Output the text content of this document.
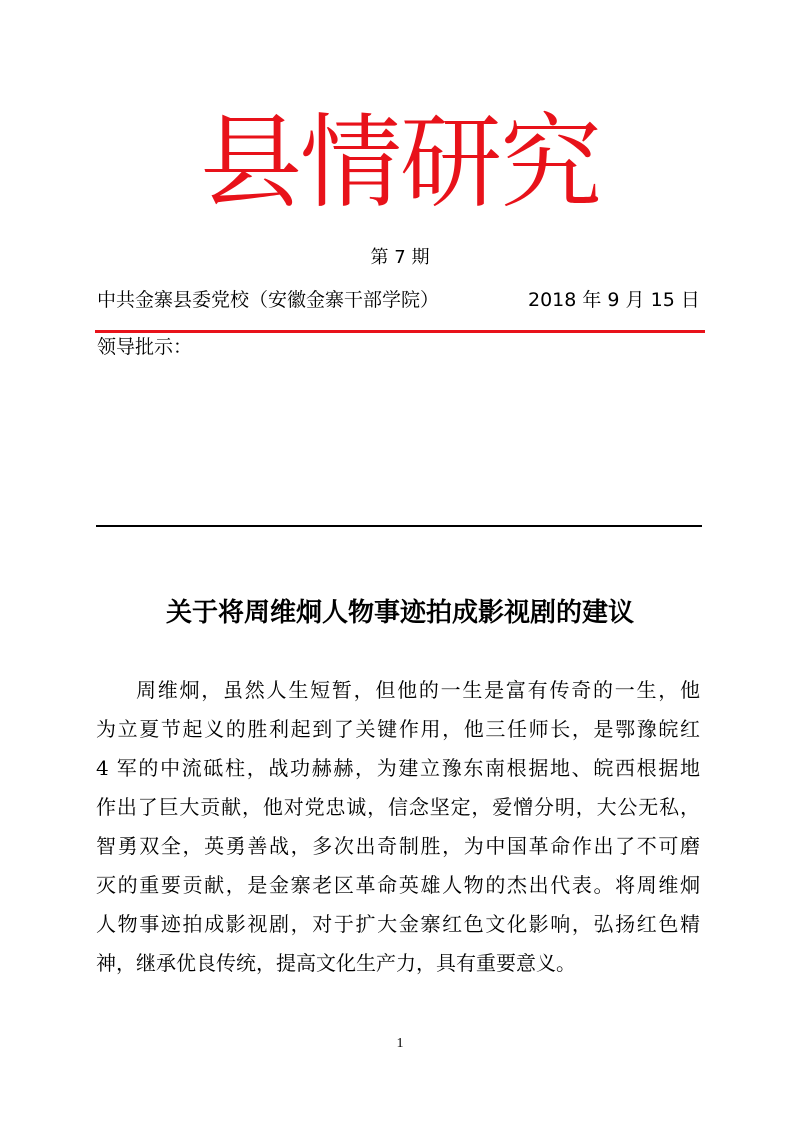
县情研究
第 7 期
中共金寨县委党校（安徽金寨干部学院）	2018 年 9 月 15 日
领导批示：
关于将周维炯人物事迹拍成影视剧的建议
周维炯，虽然人生短暂，但他的一生是富有传奇的一生，他
为立夏节起义的胜利起到了关键作用，他三任师长，是鄂豫皖红
4 军的中流砥柱，战功赫赫，为建立豫东南根据地、皖西根据地
作出了巨大贡献，他对党忠诚，信念坚定，爱憎分明，大公无私，
智勇双全，英勇善战，多次出奇制胜，为中国革命作出了不可磨
灭的重要贡献，是金寨老区革命英雄人物的杰出代表。将周维炯
人物事迹拍成影视剧，对于扩大金寨红色文化影响，弘扬红色精
神，继承优良传统，提高文化生产力，具有重要意义。
1
